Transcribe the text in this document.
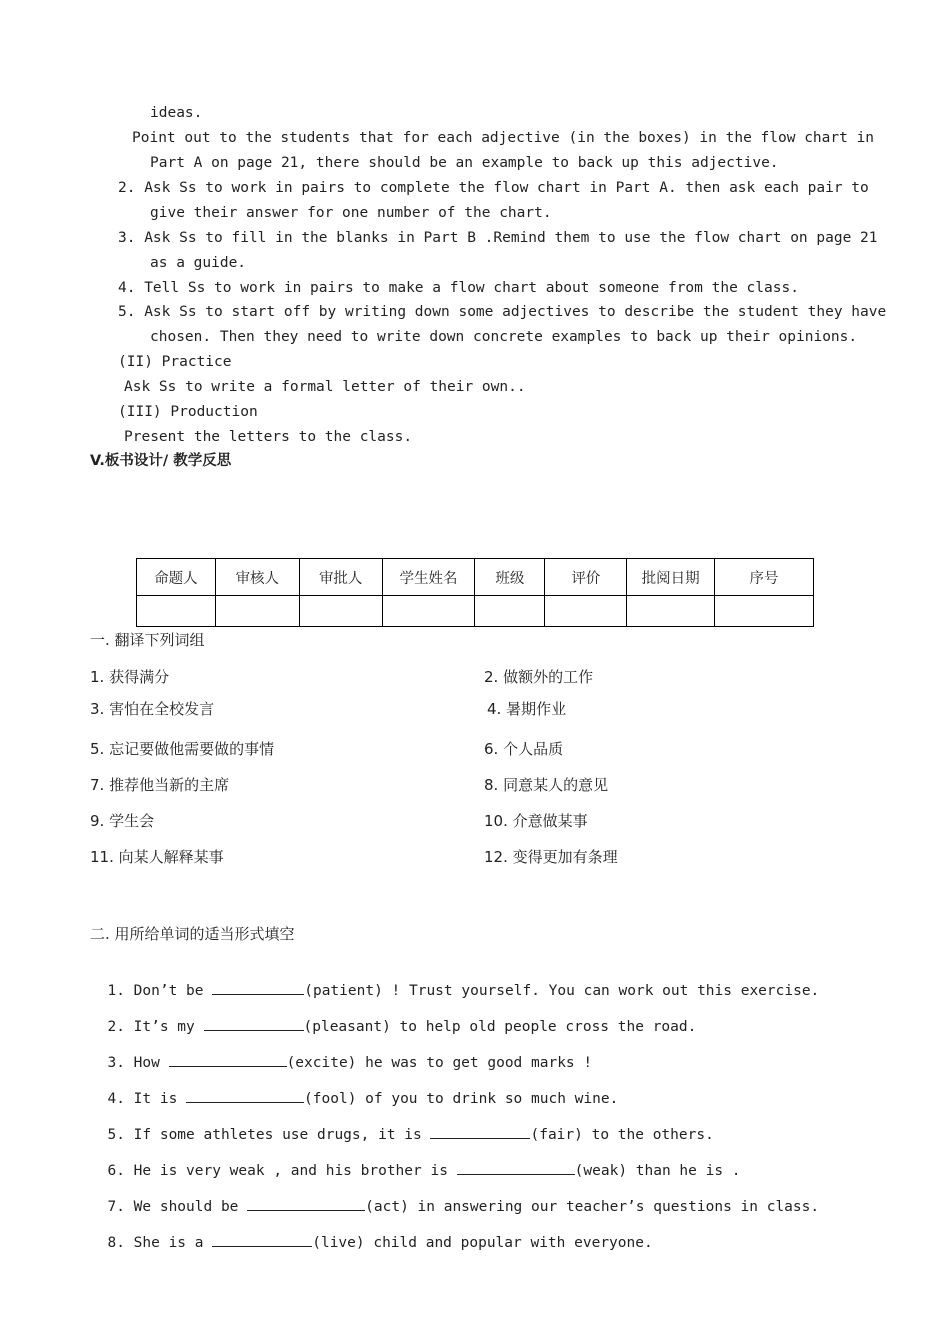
ideas.
Point out to the students that for each adjective (in the boxes) in the flow chart in
Part A on page 21, there should be an example to back up this adjective.
2. Ask Ss to work in pairs to complete the flow chart in Part A. then ask each pair to
give their answer for one number of the chart.
3. Ask Ss to fill in the blanks in Part B .Remind them to use the flow chart on page 21
as a guide.
4. Tell Ss to work in pairs to make a flow chart about someone from the class.
5. Ask Ss to start off by writing down some adjectives to describe the student they have
chosen. Then they need to write down concrete examples to back up their opinions.
(II) Practice
Ask Ss to write a formal letter of their own..
(III) Production
Present the letters to the class.
V.板书设计/ 教学反思
命题人	审核人	审批人	学生姓名	班级	评价	批阅日期	序号

一. 翻译下列词组
1. 获得满分	2. 做额外的工作
3. 害怕在全校发言	4. 暑期作业
5. 忘记要做他需要做的事情	6. 个人品质
7. 推荐他当新的主席	8. 同意某人的意见
9. 学生会	10. 介意做某事
11. 向某人解释某事	12. 变得更加有条理
二. 用所给单词的适当形式填空

1. Don’t be	(patient) ! Trust yourself. You can work out this exercise.

2. It’s my	(pleasant) to help old people cross the road.

3. How	(excite) he was to get good marks !

4. It is	(fool) of you to drink so much wine.

5. If some athletes use drugs, it is	(fair) to the others.

6. He is very weak , and his brother is	(weak) than he is .

7. We should be	(act) in answering our teacher’s questions in class.

8. She is a	(live) child and popular with everyone.
